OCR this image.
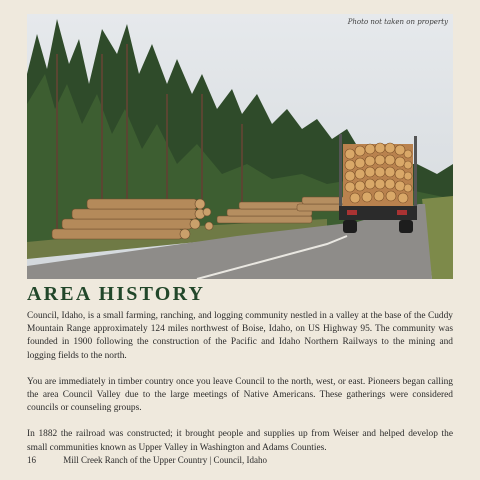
Photo not taken on property
AREA HISTORY

Council, Idaho, is a small farming, ranching, and logging community nestled in a valley at the base of the Cuddy Mountain Range approximately 124 miles northwest of Boise, Idaho, on US Highway 95. The community was founded in 1900 following the construction of the Pacific and Idaho Northern Railways to the mining and logging fields to the north.

You are immediately in timber country once you leave Council to the north, west, or east. Pioneers began calling the area Council Valley due to the large meetings of Native Americans. These gatherings were considered councils or counseling groups.

In 1882 the railroad was constructed; it brought people and supplies up from Weiser and helped develop the small communities known as Upper Valley in Washington and Adams Counties.

16	Mill Creek Ranch of the Upper Country | Council, Idaho
